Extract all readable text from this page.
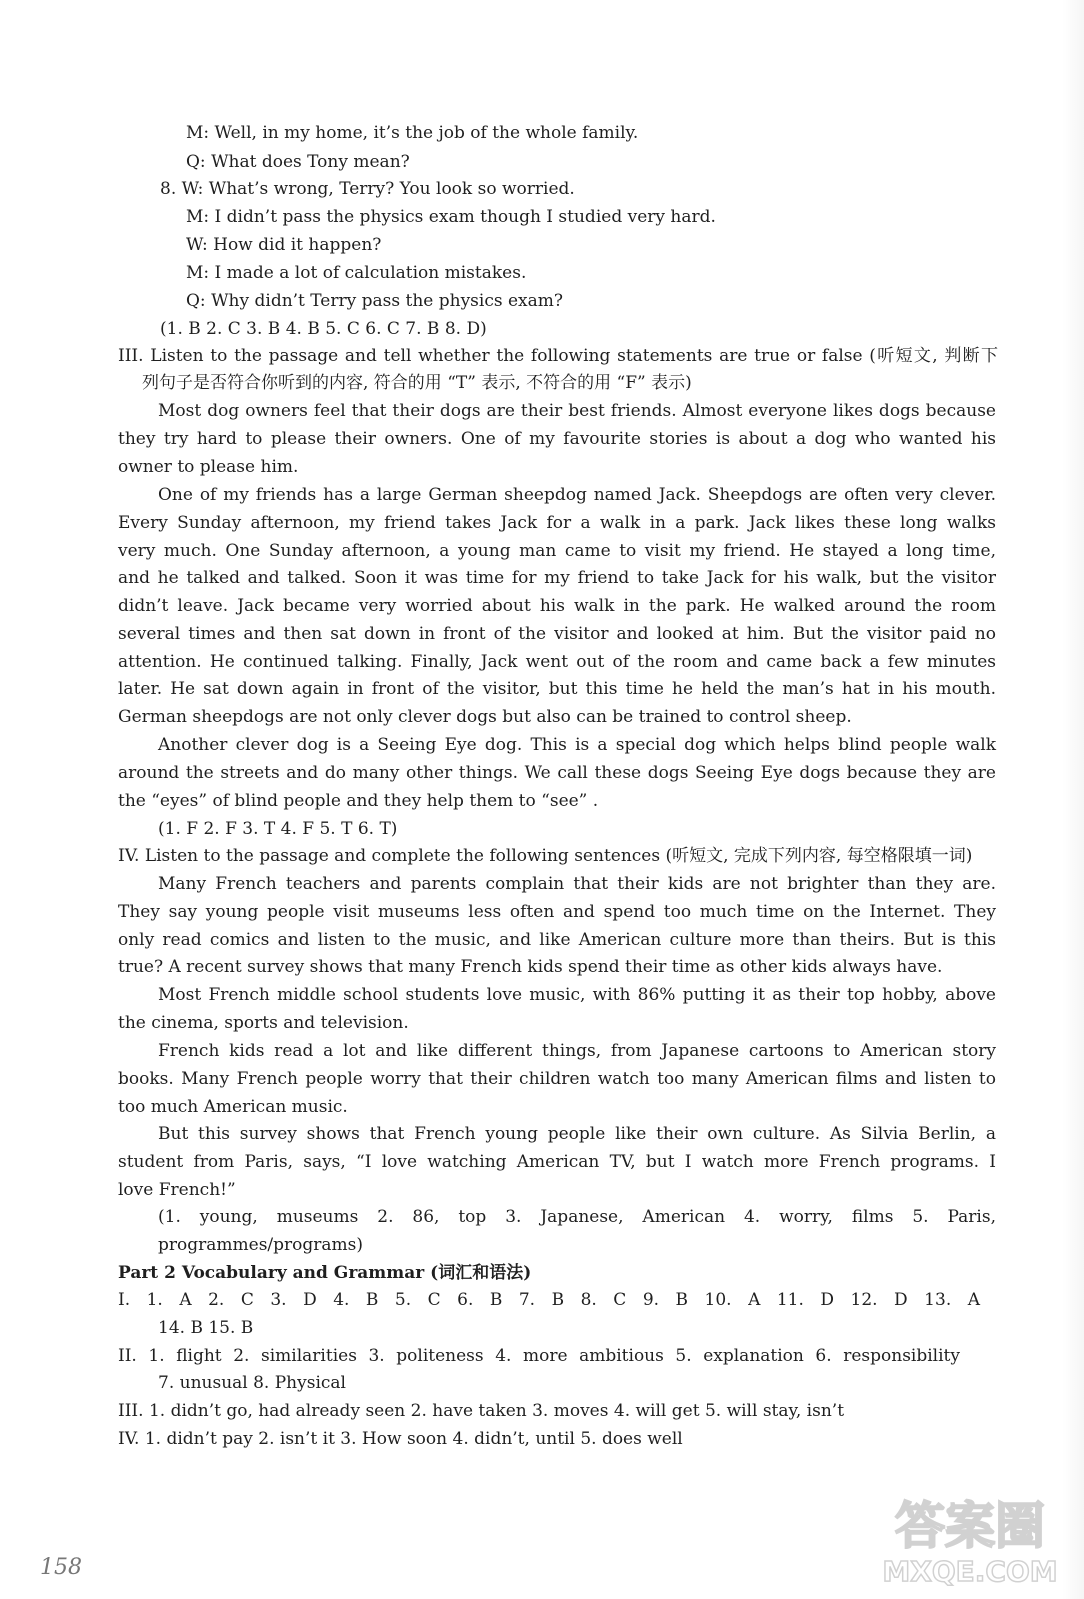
M: Well, in my home, it’s the job of the whole family.
Q: What does Tony mean?
8. W: What’s wrong, Terry? You look so worried.
M: I didn’t pass the physics exam though I studied very hard.
W: How did it happen?
M: I made a lot of calculation mistakes.
Q: Why didn’t Terry pass the physics exam?
(1. B 2. C 3. B 4. B 5. C 6. C 7. B 8. D)
III. Listen to the passage and tell whether the following statements are true or false (听短文, 判断下
列句子是否符合你听到的内容, 符合的用 “T” 表示, 不符合的用 “F” 表示)
Most dog owners feel that their dogs are their best friends. Almost everyone likes dogs because
they try hard to please their owners. One of my favourite stories is about a dog who wanted his
owner to please him.
One of my friends has a large German sheepdog named Jack. Sheepdogs are often very clever.
Every Sunday afternoon, my friend takes Jack for a walk in a park. Jack likes these long walks
very much. One Sunday afternoon, a young man came to visit my friend. He stayed a long time,
and he talked and talked. Soon it was time for my friend to take Jack for his walk, but the visitor
didn’t leave. Jack became very worried about his walk in the park. He walked around the room
several times and then sat down in front of the visitor and looked at him. But the visitor paid no
attention. He continued talking. Finally, Jack went out of the room and came back a few minutes
later. He sat down again in front of the visitor, but this time he held the man’s hat in his mouth.
German sheepdogs are not only clever dogs but also can be trained to control sheep.
Another clever dog is a Seeing Eye dog. This is a special dog which helps blind people walk
around the streets and do many other things. We call these dogs Seeing Eye dogs because they are
the “eyes” of blind people and they help them to “see” .
(1. F 2. F 3. T 4. F 5. T 6. T)
IV. Listen to the passage and complete the following sentences (听短文, 完成下列内容, 每空格限填一词)
Many French teachers and parents complain that their kids are not brighter than they are.
They say young people visit museums less often and spend too much time on the Internet. They
only read comics and listen to the music, and like American culture more than theirs. But is this
true? A recent survey shows that many French kids spend their time as other kids always have.
Most French middle school students love music, with 86% putting it as their top hobby, above
the cinema, sports and television.
French kids read a lot and like different things, from Japanese cartoons to American story
books. Many French people worry that their children watch too many American films and listen to
too much American music.
But this survey shows that French young people like their own culture. As Silvia Berlin, a
student from Paris, says, “I love watching American TV, but I watch more French programs. I
love French!”
(1. young, museums 2. 86, top 3. Japanese, American 4. worry, films 5. Paris,
programmes/programs)
Part 2 Vocabulary and Grammar (词汇和语法)
I. 1. A 2. C 3. D 4. B 5. C 6. B 7. B 8. C 9. B 10. A 11. D 12. D 13. A
14. B 15. B
II. 1. flight 2. similarities 3. politeness 4. more ambitious 5. explanation 6. responsibility
7. unusual 8. Physical
III. 1. didn’t go, had already seen 2. have taken 3. moves 4. will get 5. will stay, isn’t
IV. 1. didn’t pay 2. isn’t it 3. How soon 4. didn’t, until 5. does well
158
答案圈
MXQE.COM
